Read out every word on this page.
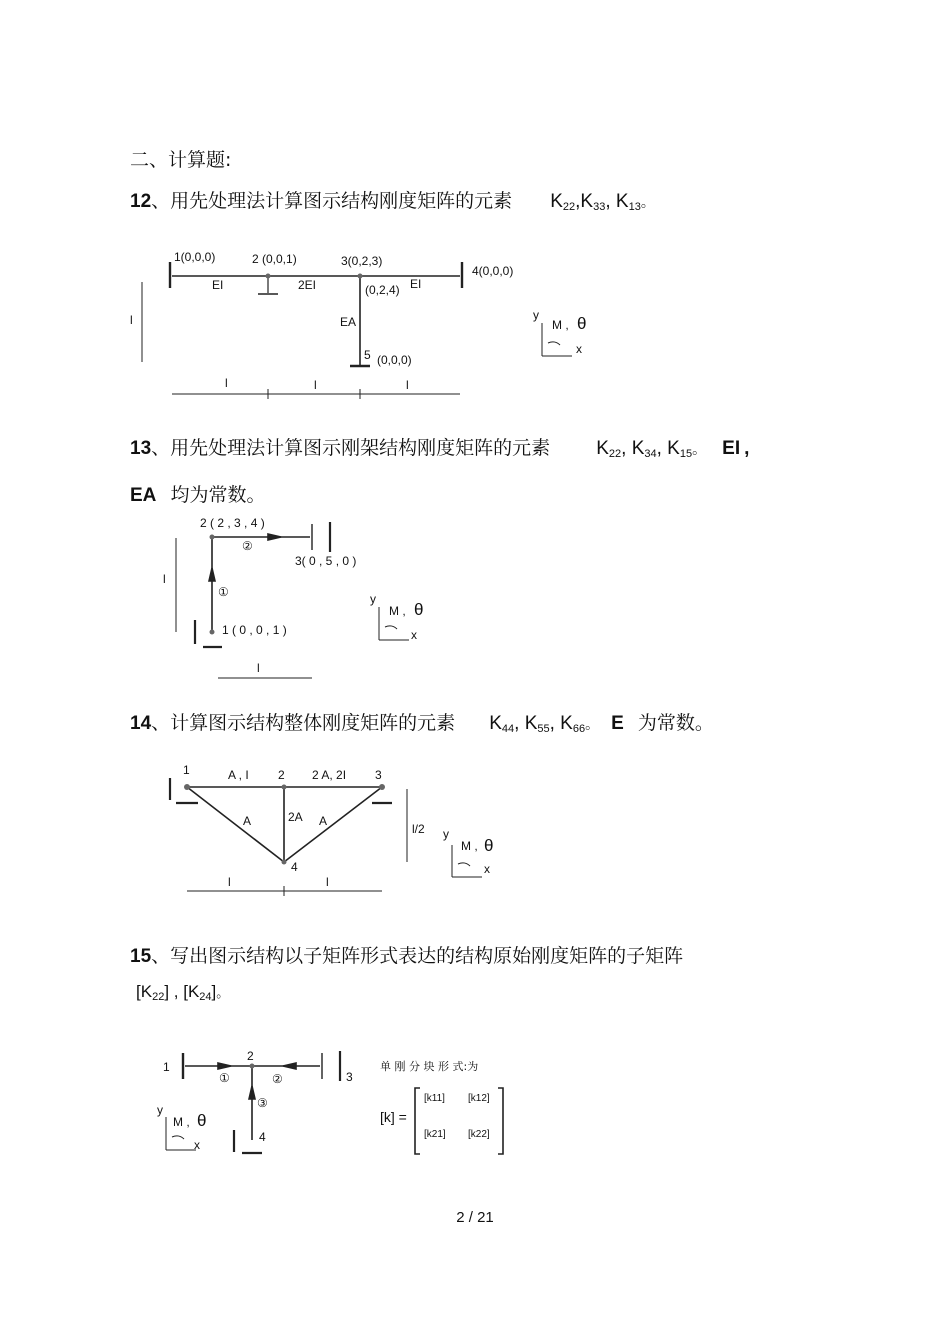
二、计算题:
12、用先处理法计算图示结构刚度矩阵的元素 $K_{22},K_{33}$, $K_{13}$。
1(0,0,0)	2 (0,0,1)	3(0,2,3)
4(0,0,0)
(0,2,4)
5 (0,0,0)
EI	2EI	EI
EA
l
l	l	l
y
M , θ
x
13、用先处理法计算图示刚架结构刚度矩阵的元素 $K_{22}$, $K_{34}$, $K_{15}$。 EI ,
EA 均为常数。
2 ( 2 , 3 , 4 )
②
3( 0 , 5 , 0 )
①
1 ( 0 , 0 , 1 )
l
l
y
M , θ
x
14、计算图示结构整体刚度矩阵的元素 $K_{44}$, $K_{55}$, $K_{66}$。 E 为常数。
1	A , I 2 2 A, 2I 3
A	2A A
4
l/2
l	l
y
M , θ
x
15、写出图示结构以子矩阵形式表达的结构原始刚度矩阵的子矩阵
$[K_{22}]$ , $[K_{24}]$。
1
2
3
4
①	②
③
y
M , θ
x
单 刚 分 块 形 式:为
[k] =
[k11] [k12]
[k21] [k22]
2 / 21
